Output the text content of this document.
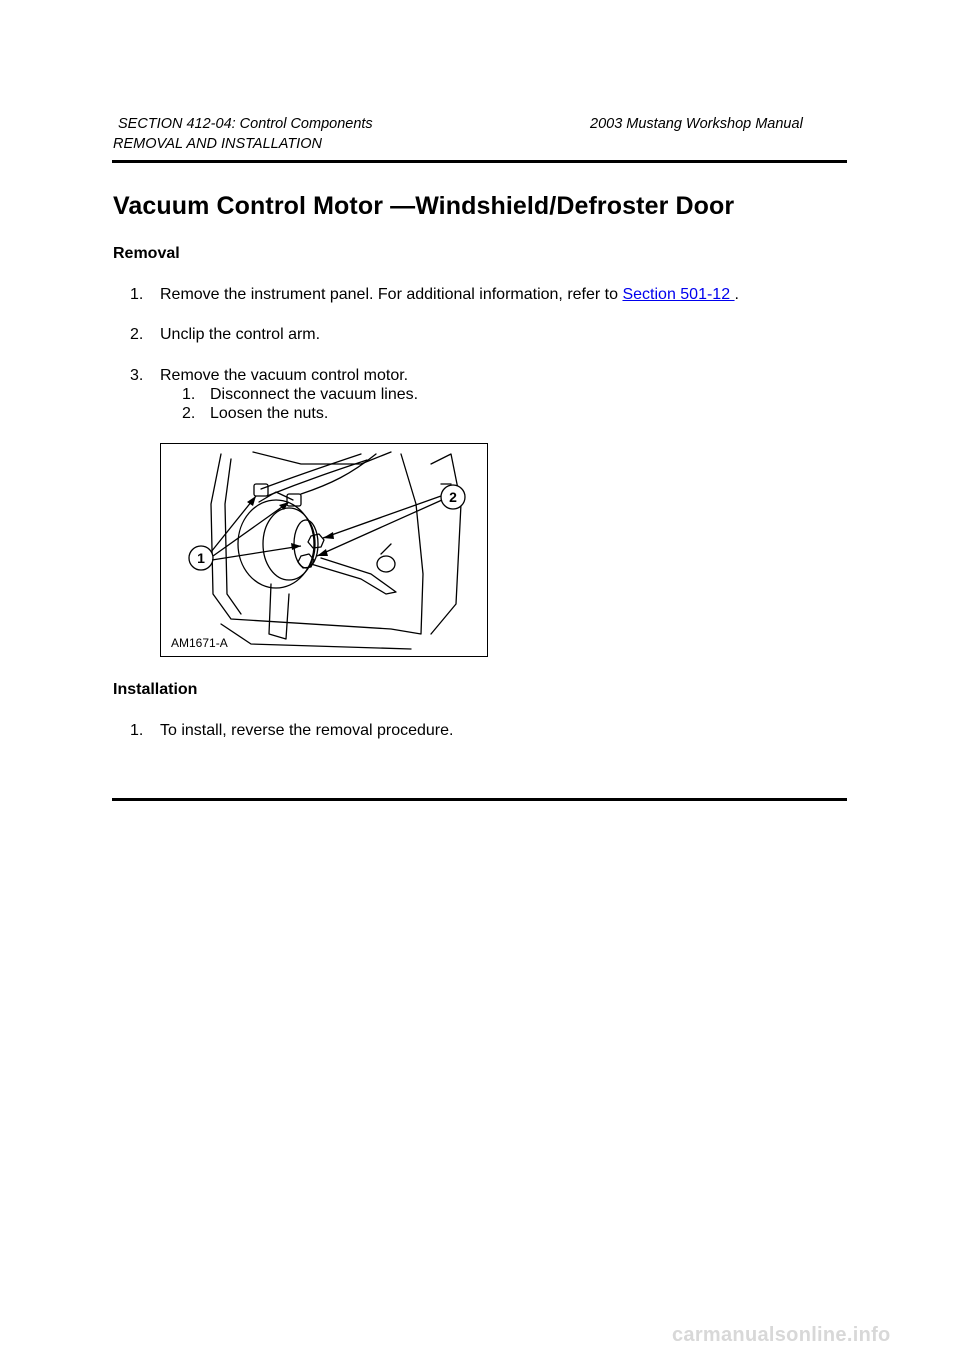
SECTION 412-04: Control Components	2003 Mustang Workshop Manual
REMOVAL AND INSTALLATION
Vacuum Control Motor —Windshield/Defroster Door
Removal
1. Remove the instrument panel. For additional information, refer to Section 501-12 .
2. Unclip the control arm.
3. Remove the vacuum control motor.
1. Disconnect the vacuum lines.
2. Loosen the nuts.
1
2
AM1671-A
Installation
1. To install, reverse the removal procedure.
carmanualsonline.info
